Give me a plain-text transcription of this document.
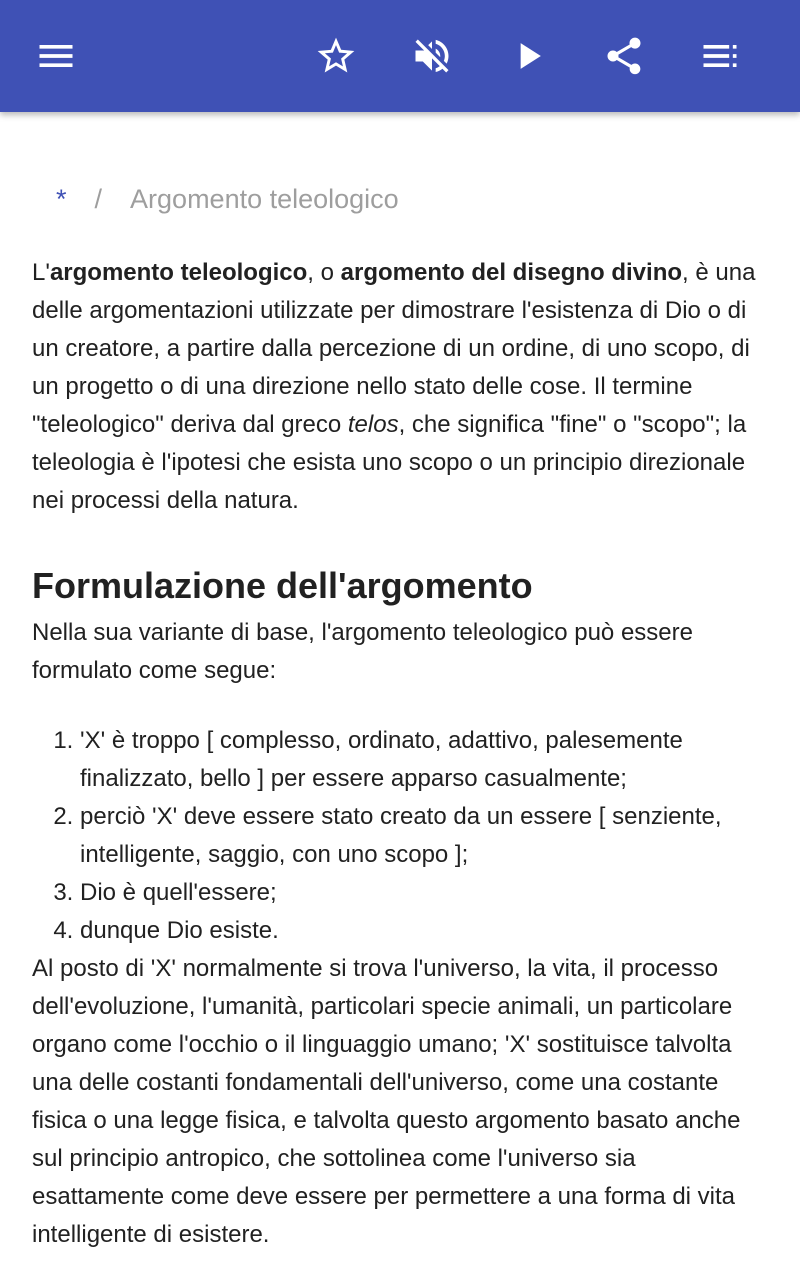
* / Argomento teleologico

L'argomento teleologico, o argomento del disegno divino, è una delle argomentazioni utilizzate per dimostrare l'esistenza di Dio o di un creatore, a partire dalla percezione di un ordine, di uno scopo, di un progetto o di una direzione nello stato delle cose. Il termine "teleologico" deriva dal greco telos, che significa "fine" o "scopo"; la teleologia è l'ipotesi che esista uno scopo o un principio direzionale nei processi della natura.

Formulazione dell'argomento

Nella sua variante di base, l'argomento teleologico può essere formulato come segue:

1. 'X' è troppo [ complesso, ordinato, adattivo, palesemente finalizzato, bello ] per essere apparso casualmente;
2. perciò 'X' deve essere stato creato da un essere [ senziente, intelligente, saggio, con uno scopo ];
3. Dio è quell'essere;
4. dunque Dio esiste.

Al posto di 'X' normalmente si trova l'universo, la vita, il processo dell'evoluzione, l'umanità, particolari specie animali, un particolare organo come l'occhio o il linguaggio umano; 'X' sostituisce talvolta una delle costanti fondamentali dell'universo, come una costante fisica o una legge fisica, e talvolta questo argomento basato anche sul principio antropico, che sottolinea come l'universo sia esattamente come deve essere per permettere a una forma di vita intelligente di esistere.
